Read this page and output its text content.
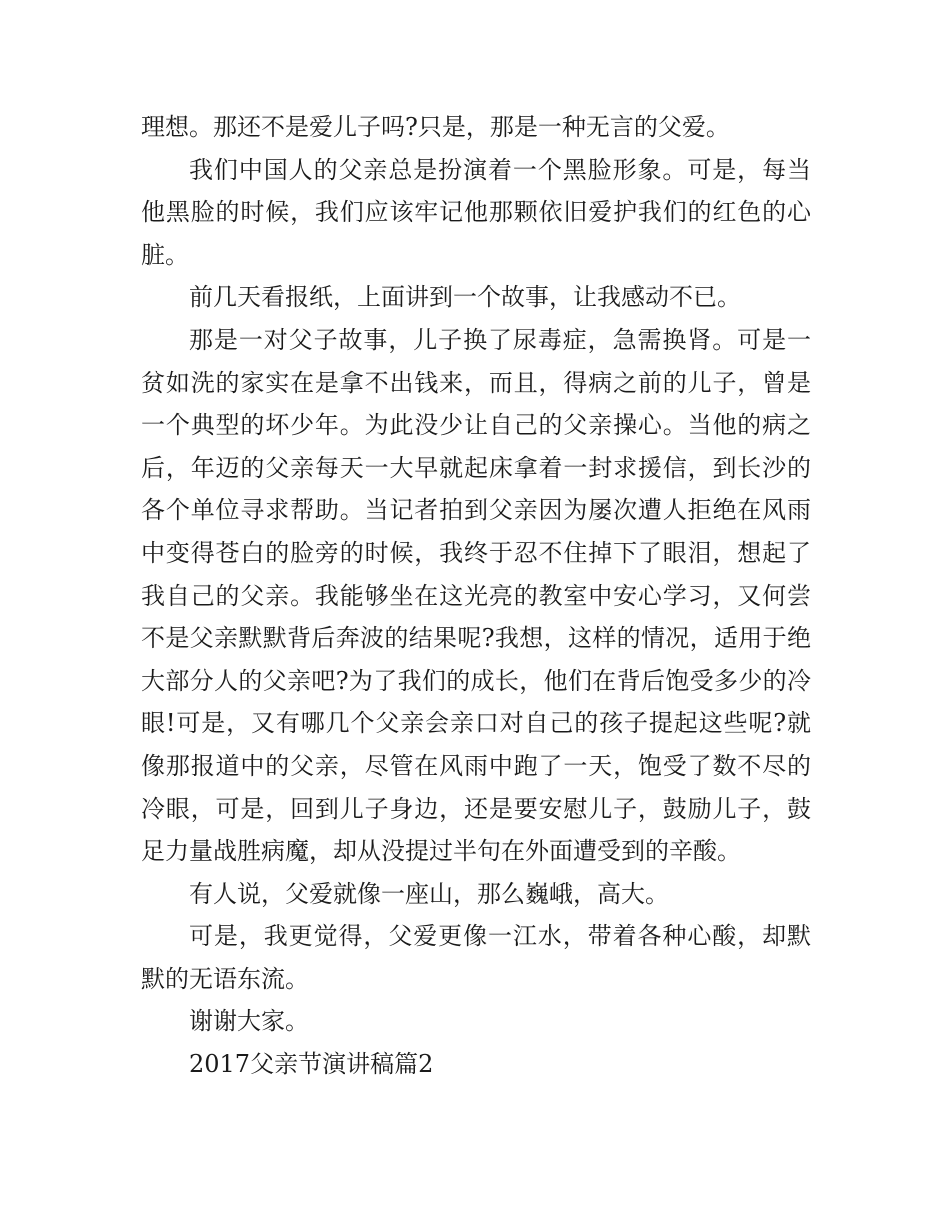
理想。那还不是爱儿子吗?只是，那是一种无言的父爱。

我们中国人的父亲总是扮演着一个黑脸形象。可是，每当他黑脸的时候，我们应该牢记他那颗依旧爱护我们的红色的心脏。

前几天看报纸，上面讲到一个故事，让我感动不已。

那是一对父子故事，儿子换了尿毒症，急需换肾。可是一贫如洗的家实在是拿不出钱来，而且，得病之前的儿子，曾是一个典型的坏少年。为此没少让自己的父亲操心。当他的病之后，年迈的父亲每天一大早就起床拿着一封求援信，到长沙的各个单位寻求帮助。当记者拍到父亲因为屡次遭人拒绝在风雨中变得苍白的脸旁的时候，我终于忍不住掉下了眼泪，想起了我自己的父亲。我能够坐在这光亮的教室中安心学习，又何尝不是父亲默默背后奔波的结果呢?我想，这样的情况，适用于绝大部分人的父亲吧?为了我们的成长，他们在背后饱受多少的冷眼!可是，又有哪几个父亲会亲口对自己的孩子提起这些呢?就像那报道中的父亲，尽管在风雨中跑了一天，饱受了数不尽的冷眼，可是，回到儿子身边，还是要安慰儿子，鼓励儿子，鼓足力量战胜病魔，却从没提过半句在外面遭受到的辛酸。

有人说，父爱就像一座山，那么巍峨，高大。

可是，我更觉得，父爱更像一江水，带着各种心酸，却默默的无语东流。

谢谢大家。

2017父亲节演讲稿篇2
